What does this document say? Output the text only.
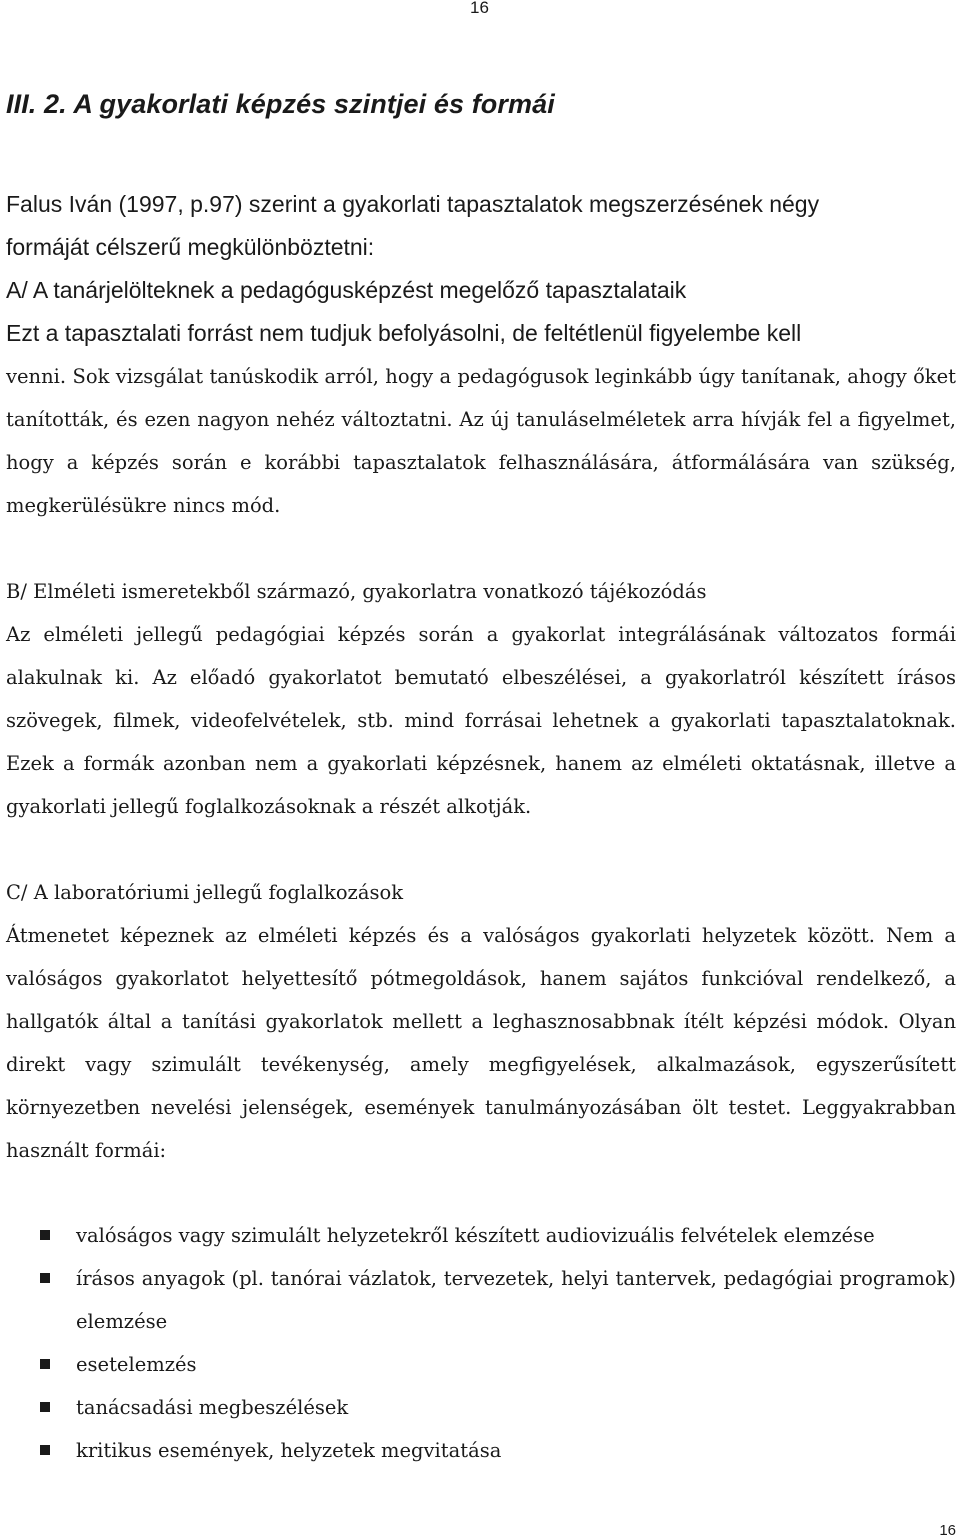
16
III. 2. A gyakorlati képzés szintjei és formái
Falus Iván (1997, p.97) szerint a gyakorlati tapasztalatok megszerzésének négy
formáját célszerű megkülönböztetni:
A/ A tanárjelölteknek a pedagógusképzést megelőző tapasztalataik
Ezt a tapasztalati forrást nem tudjuk befolyásolni, de feltétlenül figyelembe kell

venni. Sok vizsgálat tanúskodik arról, hogy a pedagógusok leginkább úgy tanítanak, ahogy őket tanították, és ezen nagyon nehéz változtatni. Az új tanuláselméletek arra hívják fel a figyelmet, hogy a képzés során e korábbi tapasztalatok felhasználására, átformálására van szükség, megkerülésükre nincs mód.

B/ Elméleti ismeretekből származó, gyakorlatra vonatkozó tájékozódás

Az elméleti jellegű pedagógiai képzés során a gyakorlat integrálásának változatos formái alakulnak ki. Az előadó gyakorlatot bemutató elbeszélései, a gyakorlatról készített írásos szövegek, filmek, videofelvételek, stb. mind forrásai lehetnek a gyakorlati tapasztalatoknak. Ezek a formák azonban nem a gyakorlati képzésnek, hanem az elméleti oktatásnak, illetve a gyakorlati jellegű foglalkozásoknak a részét alkotják.

C/ A laboratóriumi jellegű foglalkozások

Átmenetet képeznek az elméleti képzés és a valóságos gyakorlati helyzetek között. Nem a valóságos gyakorlatot helyettesítő pótmegoldások, hanem sajátos funkcióval rendelkező, a hallgatók által a tanítási gyakorlatok mellett a leghasznosabbnak ítélt képzési módok. Olyan direkt vagy szimulált tevékenység, amely megfigyelések, alkalmazások, egyszerűsített környezetben nevelési jelenségek, események tanulmányozásában ölt testet. Leggyakrabban használt formái:

valóságos vagy szimulált helyzetekről készített audiovizuális felvételek elemzése
írásos anyagok (pl. tanórai vázlatok, tervezetek, helyi tantervek, pedagógiai programok) elemzése
esetelemzés
tanácsadási megbeszélések
kritikus események, helyzetek megvitatása
16
